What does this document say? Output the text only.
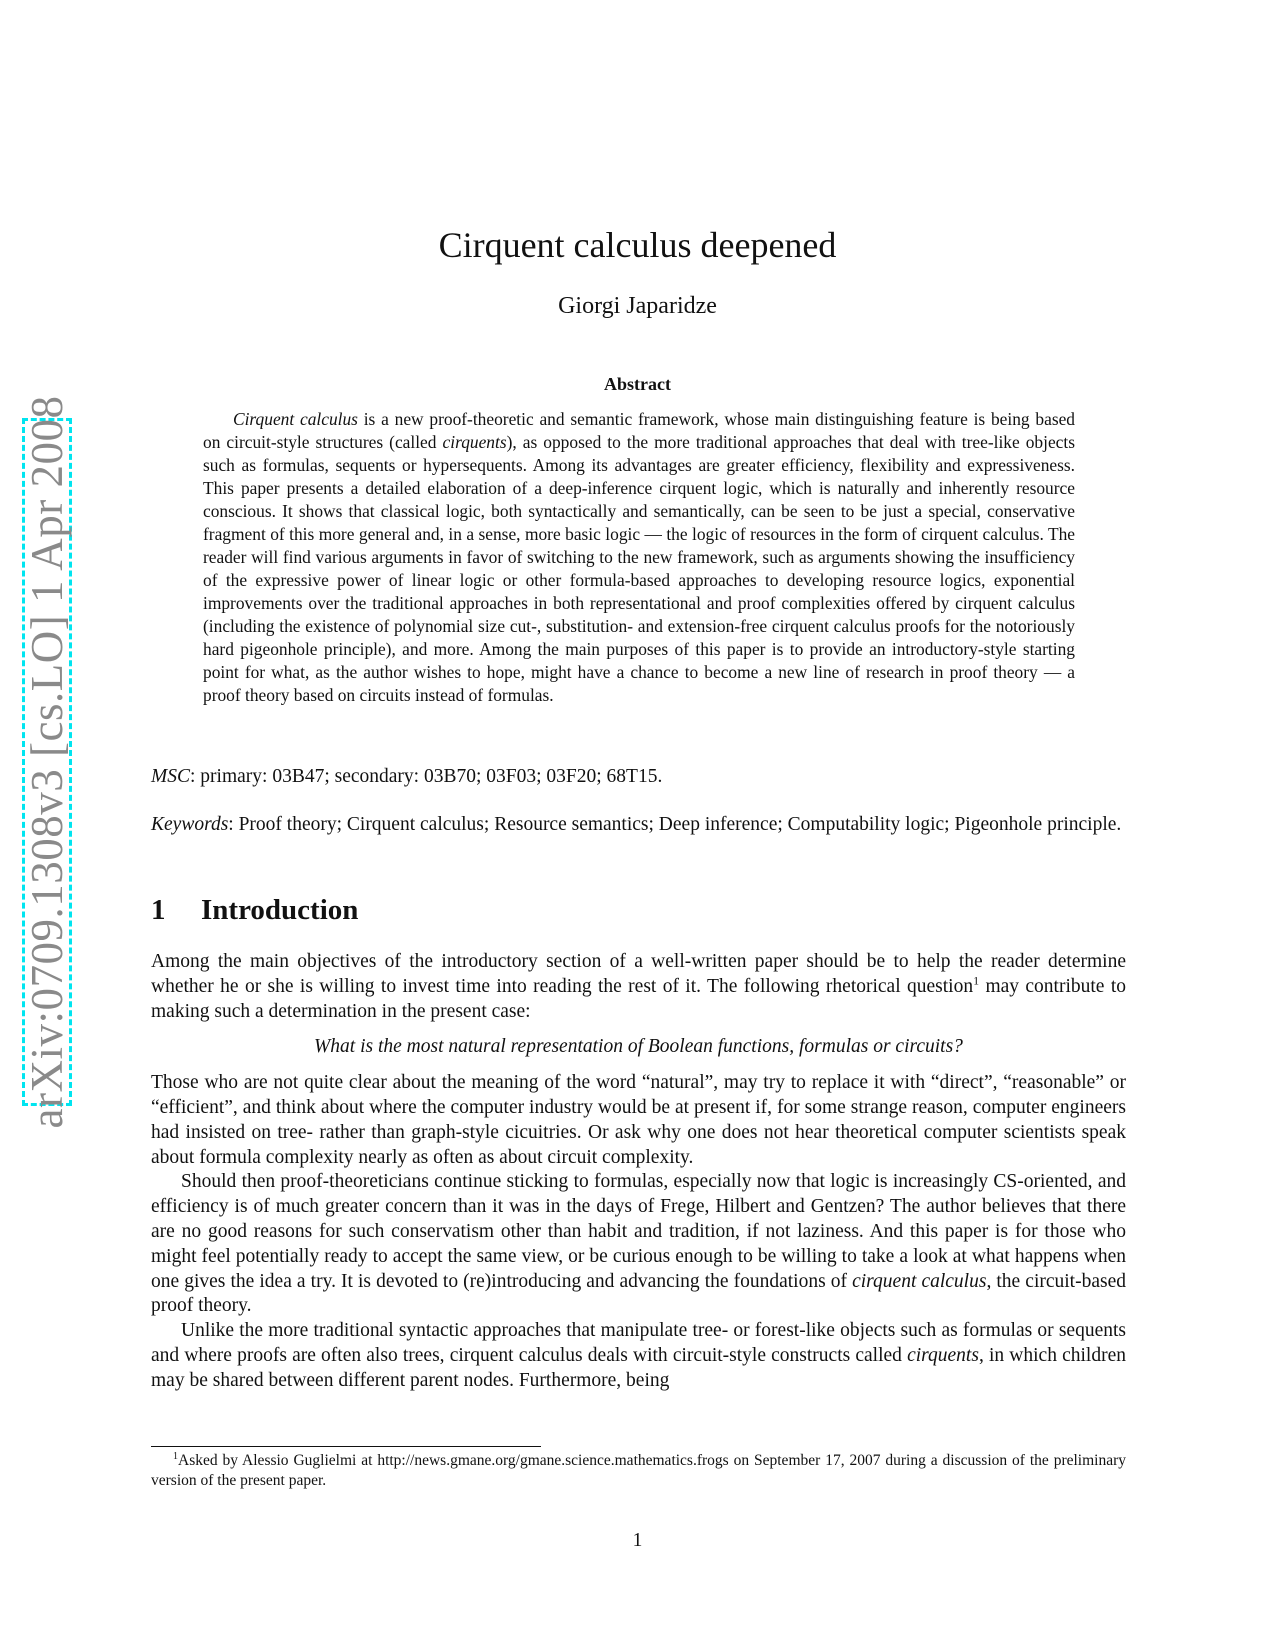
arXiv:0709.1308v3 [cs.LO] 1 Apr 2008
Cirquent calculus deepened
Giorgi Japaridze
Abstract
Cirquent calculus is a new proof-theoretic and semantic framework, whose main distinguishing feature is being based on circuit-style structures (called cirquents), as opposed to the more traditional approaches that deal with tree-like objects such as formulas, sequents or hypersequents. Among its advantages are greater efficiency, flexibility and expressiveness. This paper presents a detailed elaboration of a deep-inference cirquent logic, which is naturally and inherently resource conscious. It shows that classical logic, both syntactically and semantically, can be seen to be just a special, conservative fragment of this more general and, in a sense, more basic logic — the logic of resources in the form of cirquent calculus. The reader will find various arguments in favor of switching to the new framework, such as arguments showing the insufficiency of the expressive power of linear logic or other formula-based approaches to developing resource logics, exponential improvements over the traditional approaches in both representational and proof complexities offered by cirquent calculus (including the existence of polynomial size cut-, substitution- and extension-free cirquent calculus proofs for the notoriously hard pigeonhole principle), and more. Among the main purposes of this paper is to provide an introductory-style starting point for what, as the author wishes to hope, might have a chance to become a new line of research in proof theory — a proof theory based on circuits instead of formulas.
MSC: primary: 03B47; secondary: 03B70; 03F03; 03F20; 68T15.
Keywords: Proof theory; Cirquent calculus; Resource semantics; Deep inference; Computability logic; Pigeonhole principle.
1 Introduction

Among the main objectives of the introductory section of a well-written paper should be to help the reader determine whether he or she is willing to invest time into reading the rest of it. The following rhetorical question$^1$ may contribute to making such a determination in the present case:

What is the most natural representation of Boolean functions, formulas or circuits?

Those who are not quite clear about the meaning of the word “natural”, may try to replace it with “direct”, “reasonable” or “efficient”, and think about where the computer industry would be at present if, for some strange reason, computer engineers had insisted on tree- rather than graph-style cicuitries. Or ask why one does not hear theoretical computer scientists speak about formula complexity nearly as often as about circuit complexity.

Should then proof-theoreticians continue sticking to formulas, especially now that logic is increasingly CS-oriented, and efficiency is of much greater concern than it was in the days of Frege, Hilbert and Gentzen? The author believes that there are no good reasons for such conservatism other than habit and tradition, if not laziness. And this paper is for those who might feel potentially ready to accept the same view, or be curious enough to be willing to take a look at what happens when one gives the idea a try. It is devoted to (re)introducing and advancing the foundations of cirquent calculus, the circuit-based proof theory.

Unlike the more traditional syntactic approaches that manipulate tree- or forest-like objects such as formulas or sequents and where proofs are often also trees, cirquent calculus deals with circuit-style constructs called cirquents, in which children may be shared between different parent nodes. Furthermore, being

$^1$Asked by Alessio Guglielmi at http://news.gmane.org/gmane.science.mathematics.frogs on September 17, 2007 during a discussion of the preliminary version of the present paper.
1
